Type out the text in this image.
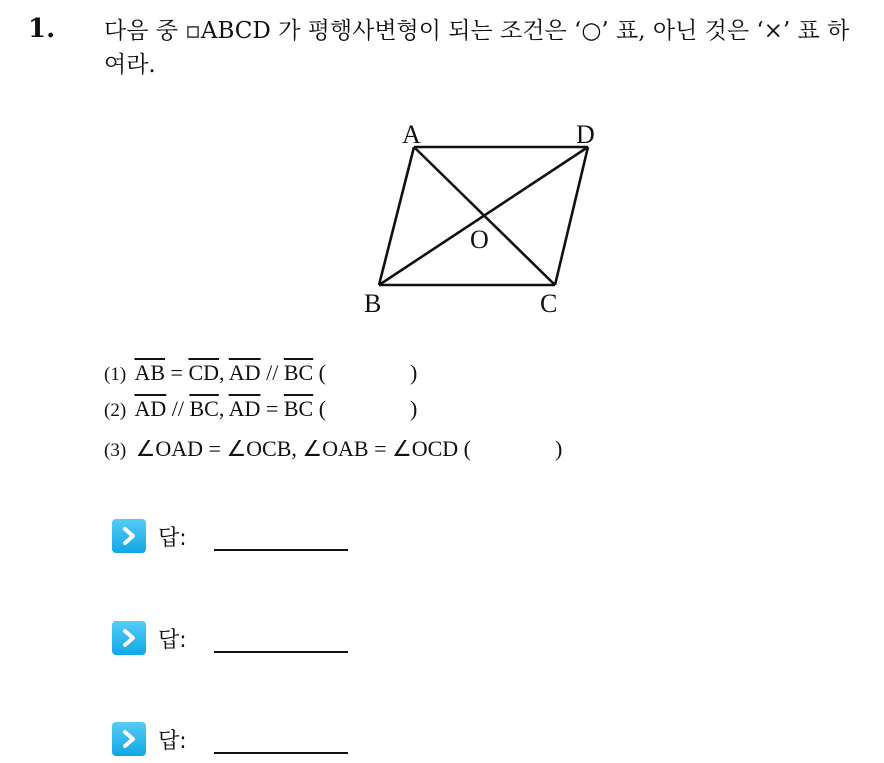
1. 다음 중 ▫ABCD 가 평행사변형이 되는 조건은 ‘○’ 표, 아닌 것은 ‘×’ 표 하여라.
A	D
B	C
O
(1) $\overline{AB} = \overline{CD}$, $\overline{AD} // \overline{BC}$ (	)
(2) $\overline{AD} // \overline{BC}$, $\overline{AD} = \overline{BC}$ (	)
(3) ∠OAD = ∠OCB, ∠OAB = ∠OCD (	)
답:
답:
답:
